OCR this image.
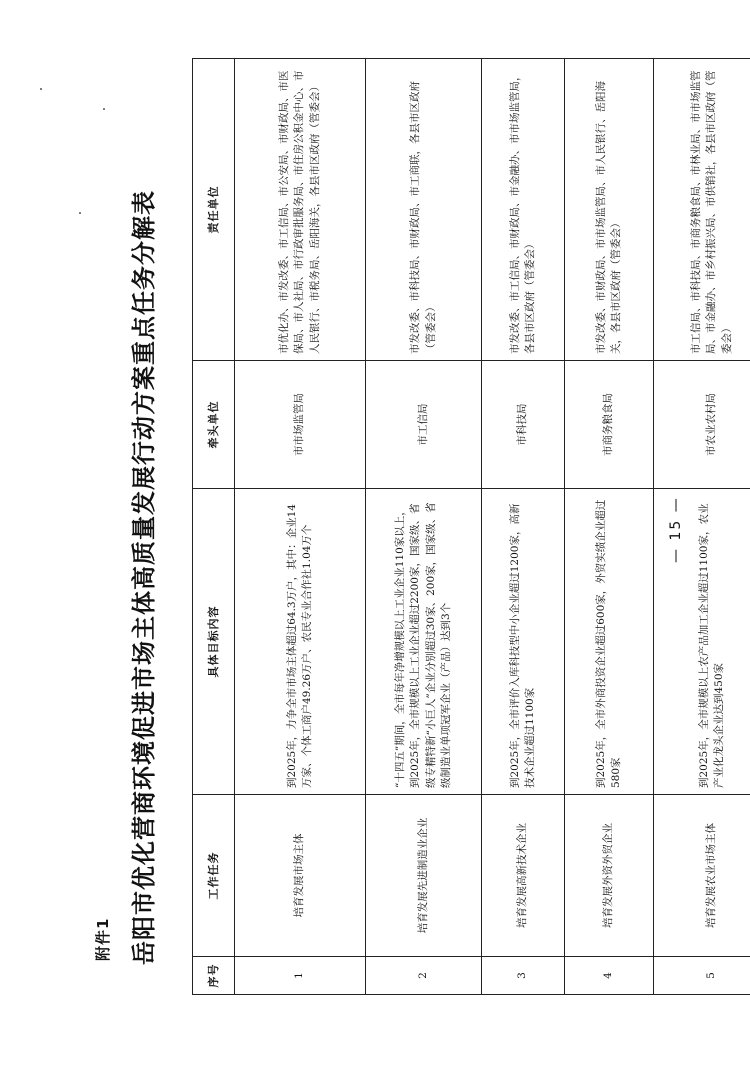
附件1 岳阳市优化营商环境促进市场主体高质量发展行动方案重点任务分解表
序号	工作任务	具体目标内容	牵头单位	责任单位
1	培育发展市场主体	到2025年，力争全市市场主体超过64.3万户，其中：企业14万家、个体工商户49.26万户、农民专业合作社1.04万个	市市场监管局	市优化办、市发改委、市工信局、市公安局、市财政局、市医保局、市人社局、市行政审批服务局、市住房公积金中心、市人民银行、市税务局、岳阳海关，各县市区政府（管委会）
2	培育发展先进制造业企业	“十四五”期间，全市每年净增规模以上工业企业110家以上，到2025年，全市规模以上工业企业超过2200家，国家级、省级专精特新“小巨人”企业分别超过30家、200家，国家级、省级制造业单项冠军企业（产品）达到3个	市工信局	市发改委、市科技局、市财政局、市工商联，各县市区政府（管委会）
3	培育发展高新技术企业	到2025年，全市评价入库科技型中小企业超过1200家，高新技术企业超过1100家	市科技局	市发改委、市工信局、市财政局、市金融办、市市场监管局，各县市区政府（管委会）
4	培育发展外资外贸企业	到2025年，全市外商投资企业超过600家，外贸实绩企业超过580家	市商务粮食局	市发改委、市财政局、市市场监管局、市人民银行、岳阳海关，各县市区政府（管委会）
5	培育发展农业市场主体	到2025年，全市规模以上农产品加工企业超过1100家，农业产业化龙头企业达到450家	市农业农村局	市工信局、市科技局、市商务粮食局、市林业局、市市场监管局、市金融办、市乡村振兴局、市供销社，各县市区政府（管委会）
— 15 —
